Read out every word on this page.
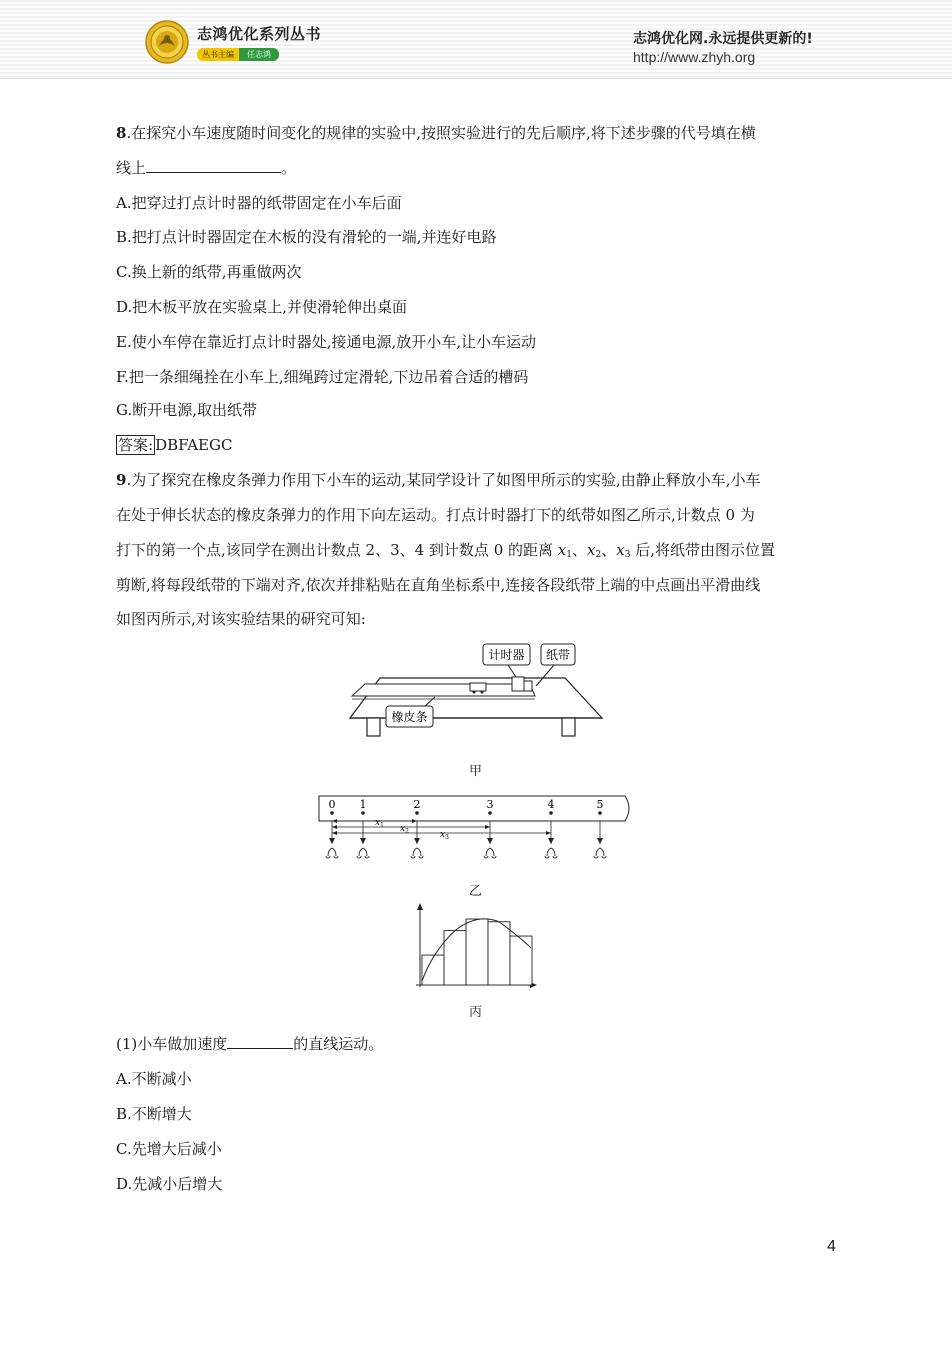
志鸿优化系列丛书
丛书主编	任志鸿
志鸿优化网.永远提供更新的!
http://www.zhyh.org
8.在探究小车速度随时间变化的规律的实验中,按照实验进行的先后顺序,将下述步骤的代号填在横
线上	。
A.把穿过打点计时器的纸带固定在小车后面
B.把打点计时器固定在木板的没有滑轮的一端,并连好电路
C.换上新的纸带,再重做两次
D.把木板平放在实验桌上,并使滑轮伸出桌面
E.使小车停在靠近打点计时器处,接通电源,放开小车,让小车运动
F.把一条细绳拴在小车上,细绳跨过定滑轮,下边吊着合适的槽码
G.断开电源,取出纸带
答案: DBFAEGC
9.为了探究在橡皮条弹力作用下小车的运动,某同学设计了如图甲所示的实验,由静止释放小车,小车
在处于伸长状态的橡皮条弹力的作用下向左运动。打点计时器打下的纸带如图乙所示,计数点 0 为
打下的第一个点,该同学在测出计数点 2、3、4 到计数点 0 的距离 $x_1$、$x_2$、$x_3$ 后,将纸带由图示位置
剪断,将每段纸带的下端对齐,依次并排粘贴在直角坐标系中,连接各段纸带上端的中点画出平滑曲线
如图丙所示,对该实验结果的研究可知:
计时器 纸带
橡皮条
甲
0 1	2	3	4	5
$x_1$ $x_2$	$x_3$
乙
丙
(1)小车做加速度	的直线运动。
A.不断减小
B.不断增大
C.先增大后减小
D.先减小后增大
4
